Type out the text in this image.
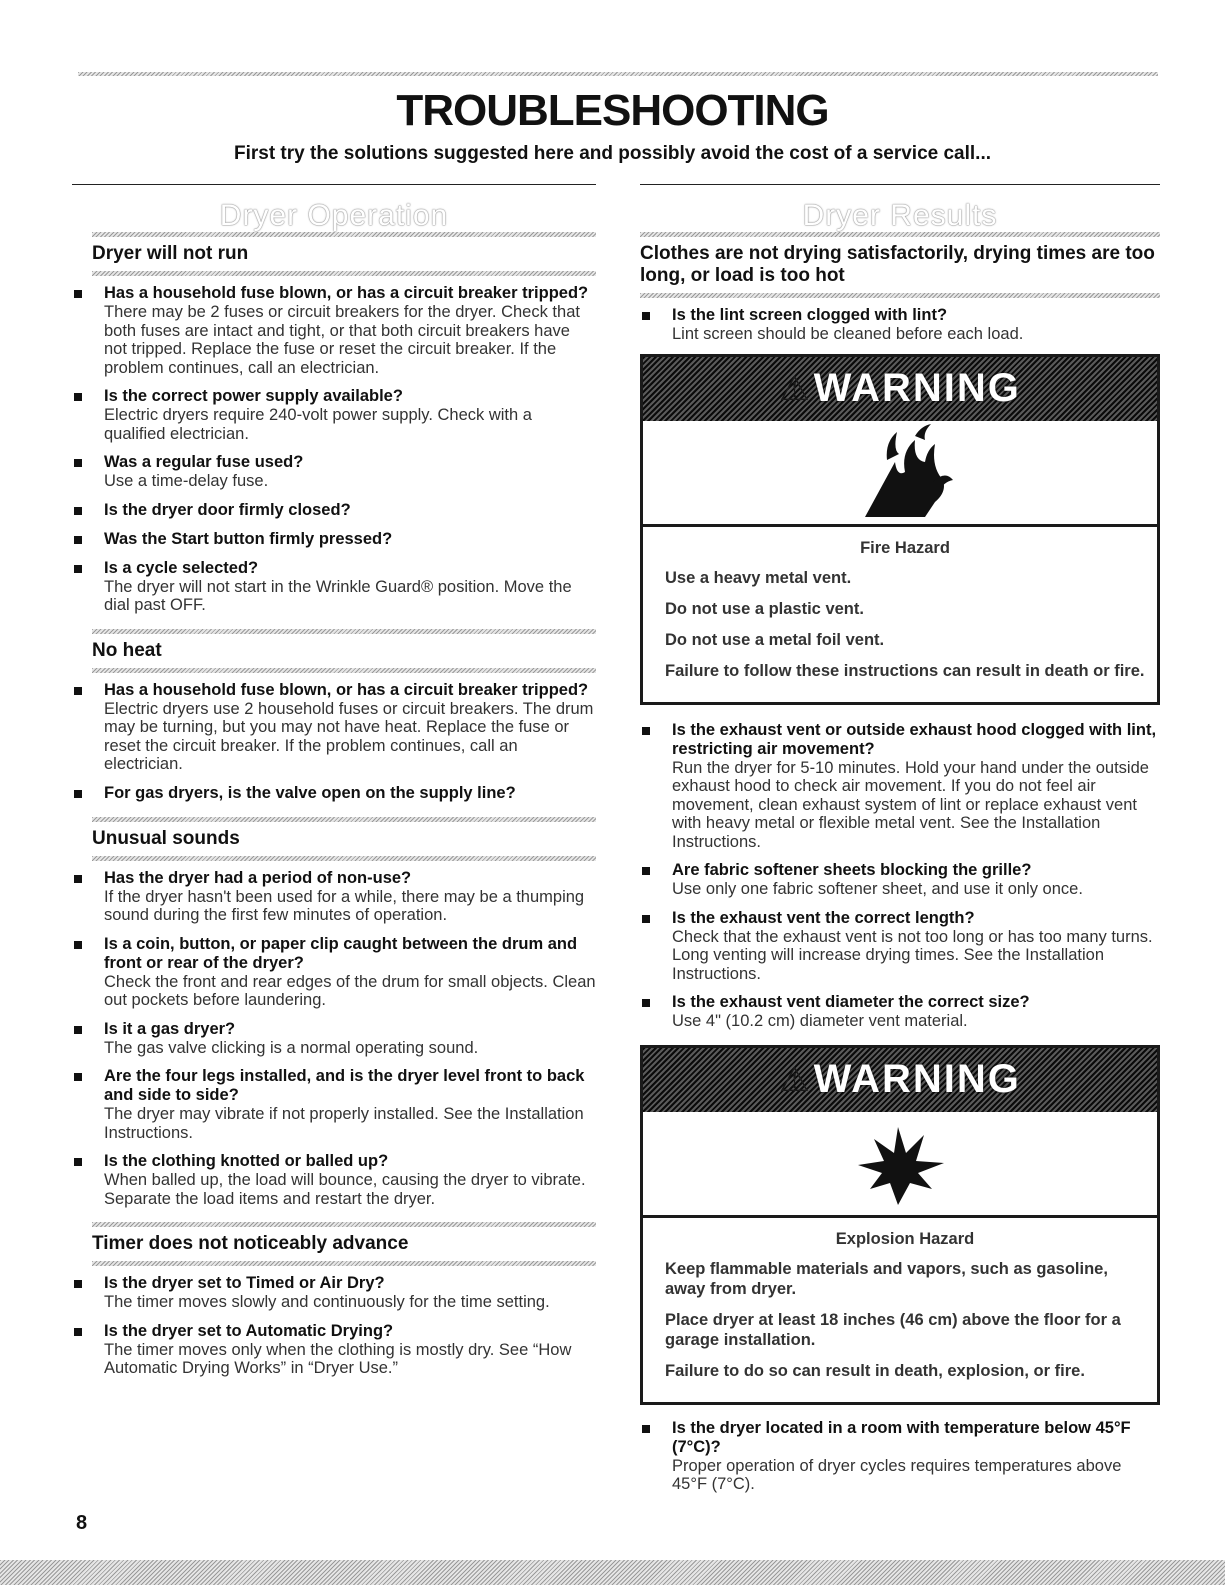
TROUBLESHOOTING
First try the solutions suggested here and possibly avoid the cost of a service call...
Dryer Operation
Dryer will not run
Has a household fuse blown, or has a circuit breaker tripped?
There may be 2 fuses or circuit breakers for the dryer. Check that both fuses are intact and tight, or that both circuit breakers have not tripped. Replace the fuse or reset the circuit breaker. If the problem continues, call an electrician.
Is the correct power supply available?
Electric dryers require 240-volt power supply. Check with a qualified electrician.
Was a regular fuse used?
Use a time-delay fuse.
Is the dryer door firmly closed?
Was the Start button firmly pressed?
Is a cycle selected?
The dryer will not start in the Wrinkle Guard® position. Move the dial past OFF.
No heat
Has a household fuse blown, or has a circuit breaker tripped?
Electric dryers use 2 household fuses or circuit breakers. The drum may be turning, but you may not have heat. Replace the fuse or reset the circuit breaker. If the problem continues, call an electrician.
For gas dryers, is the valve open on the supply line?
Unusual sounds
Has the dryer had a period of non-use?
If the dryer hasn't been used for a while, there may be a thumping sound during the first few minutes of operation.
Is a coin, button, or paper clip caught between the drum and front or rear of the dryer?
Check the front and rear edges of the drum for small objects. Clean out pockets before laundering.
Is it a gas dryer?
The gas valve clicking is a normal operating sound.
Are the four legs installed, and is the dryer level front to back and side to side?
The dryer may vibrate if not properly installed. See the Installation Instructions.
Is the clothing knotted or balled up?
When balled up, the load will bounce, causing the dryer to vibrate. Separate the load items and restart the dryer.
Timer does not noticeably advance
Is the dryer set to Timed or Air Dry?
The timer moves slowly and continuously for the time setting.
Is the dryer set to Automatic Drying?
The timer moves only when the clothing is mostly dry. See “How Automatic Drying Works” in “Dryer Use.”
Dryer Results
Clothes are not drying satisfactorily, drying times are too long, or load is too hot
Is the lint screen clogged with lint?
Lint screen should be cleaned before each load.
⚠ WARNING
Fire Hazard
Use a heavy metal vent.
Do not use a plastic vent.
Do not use a metal foil vent.
Failure to follow these instructions can result in death or fire.
Is the exhaust vent or outside exhaust hood clogged with lint, restricting air movement?
Run the dryer for 5-10 minutes. Hold your hand under the outside exhaust hood to check air movement. If you do not feel air movement, clean exhaust system of lint or replace exhaust vent with heavy metal or flexible metal vent. See the Installation Instructions.
Are fabric softener sheets blocking the grille?
Use only one fabric softener sheet, and use it only once.
Is the exhaust vent the correct length?
Check that the exhaust vent is not too long or has too many turns. Long venting will increase drying times. See the Installation Instructions.
Is the exhaust vent diameter the correct size?
Use 4" (10.2 cm) diameter vent material.
⚠ WARNING
Explosion Hazard
Keep flammable materials and vapors, such as gasoline, away from dryer.
Place dryer at least 18 inches (46 cm) above the floor for a garage installation.
Failure to do so can result in death, explosion, or fire.
Is the dryer located in a room with temperature below 45°F (7°C)?
Proper operation of dryer cycles requires temperatures above 45°F (7°C).
8
